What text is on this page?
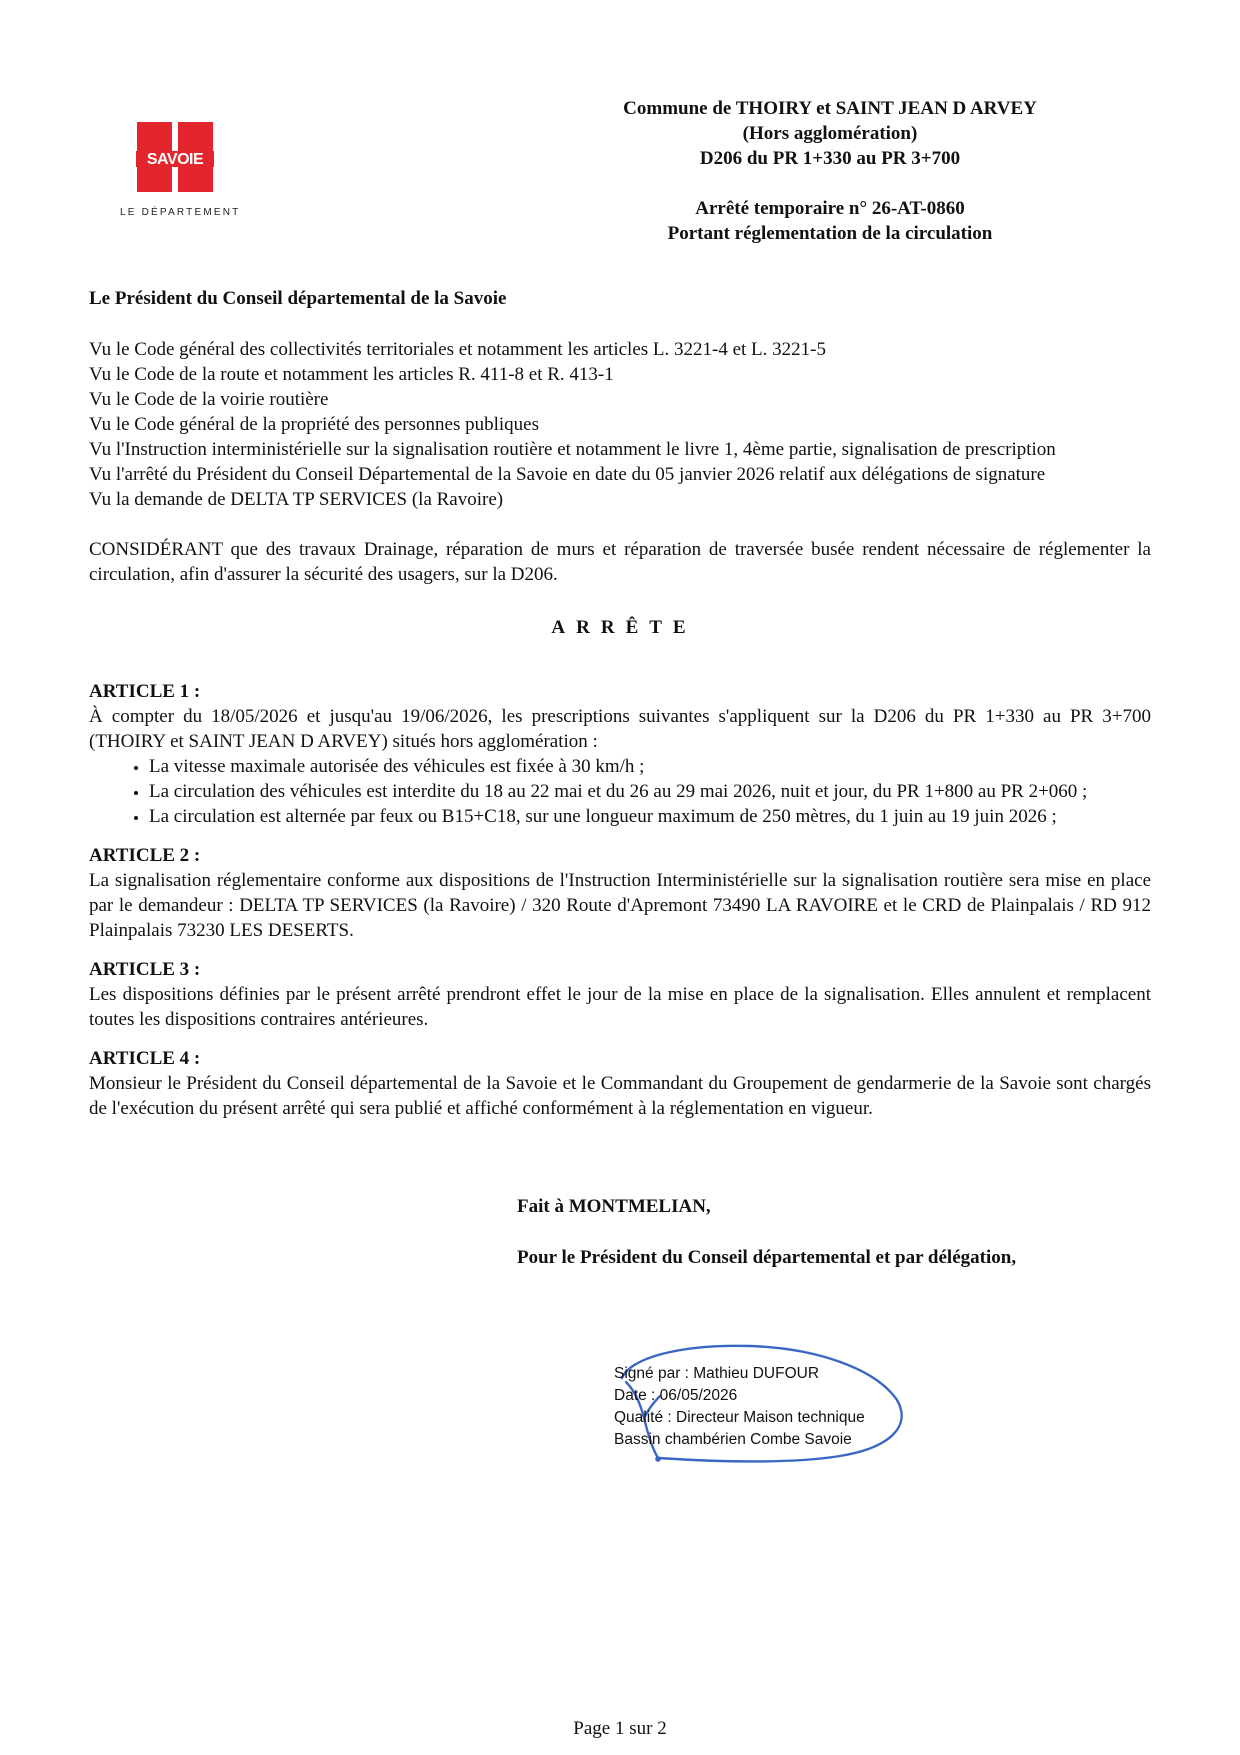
SAVOIE
LE DÉPARTEMENT
Commune de THOIRY et SAINT JEAN D ARVEY
(Hors agglomération)
D206 du PR 1+330 au PR 3+700
Arrêté temporaire n° 26-AT-0860
Portant réglementation de la circulation

Le Président du Conseil départemental de la Savoie

Vu le Code général des collectivités territoriales et notamment les articles L. 3221-4 et L. 3221-5
Vu le Code de la route et notamment les articles R. 411-8 et R. 413-1
Vu le Code de la voirie routière
Vu le Code général de la propriété des personnes publiques
Vu l'Instruction interministérielle sur la signalisation routière et notamment le livre 1, 4ème partie, signalisation de prescription
Vu l'arrêté du Président du Conseil Départemental de la Savoie en date du 05 janvier 2026 relatif aux délégations de signature
Vu la demande de DELTA TP SERVICES (la Ravoire)

CONSIDÉRANT que des travaux Drainage, réparation de murs et réparation de traversée busée rendent nécessaire de réglementer la circulation, afin d'assurer la sécurité des usagers, sur la D206.

ARRÊTE

ARTICLE 1 :
À compter du 18/05/2026 et jusqu'au 19/06/2026, les prescriptions suivantes s'appliquent sur la D206 du PR 1+330 au PR 3+700 (THOIRY et SAINT JEAN D ARVEY) situés hors agglomération :
• La vitesse maximale autorisée des véhicules est fixée à 30 km/h ;
• La circulation des véhicules est interdite du 18 au 22 mai et du 26 au 29 mai 2026, nuit et jour, du PR 1+800 au PR 2+060 ;
• La circulation est alternée par feux ou B15+C18, sur une longueur maximum de 250 mètres, du 1 juin au 19 juin 2026 ;
ARTICLE 2 :
La signalisation réglementaire conforme aux dispositions de l'Instruction Interministérielle sur la signalisation routière sera mise en place par le demandeur : DELTA TP SERVICES (la Ravoire) / 320 Route d'Apremont 73490 LA RAVOIRE et le CRD de Plainpalais / RD 912 Plainpalais 73230 LES DESERTS.
ARTICLE 3 :
Les dispositions définies par le présent arrêté prendront effet le jour de la mise en place de la signalisation. Elles annulent et remplacent toutes les dispositions contraires antérieures.
ARTICLE 4 :
Monsieur le Président du Conseil départemental de la Savoie et le Commandant du Groupement de gendarmerie de la Savoie sont chargés de l'exécution du présent arrêté qui sera publié et affiché conformément à la réglementation en vigueur.
Fait à MONTMELIAN,
Pour le Président du Conseil départemental et par délégation,
Signé par : Mathieu DUFOUR
Date : 06/05/2026
Qualité : Directeur Maison technique
Bassin chambérien Combe Savoie
Page 1 sur 2
